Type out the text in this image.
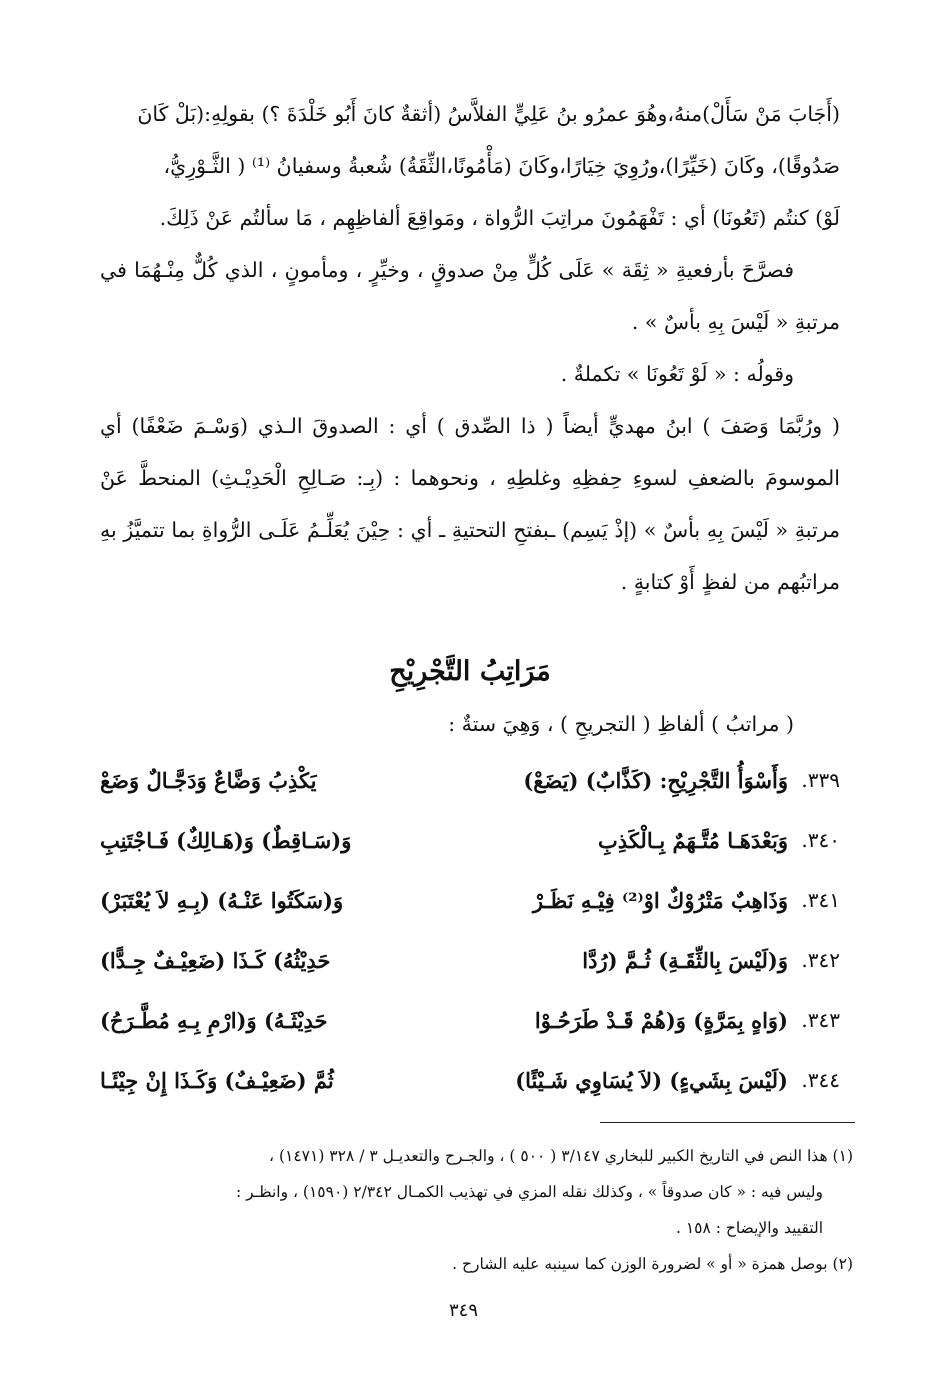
(أَجَابَ مَنْ سَأَلْ)منهُ،وهُوَ عمرُو بنُ عَلِيٍّ الفلاَّسُ (أثقةٌ كانَ أَبُو خَلْدَةَ ؟) بقولِهِ:(بَلْ كَانَ

صَدُوقًا)، وكَانَ (خَيِّرًا)،ورُوِيَ خِيَارًا،وكَانَ (مَأْمُونًا،الثِّقَةُ) شُعبةُ وسفيانُ ⁽¹⁾ ( الثَّـوْرِيُّ،

لَوْ) كنتُم (تَعُونَا) أي : تَفْهَمُونَ مراتِبَ الرُّواة ، ومَواقِعَ ألفاظِهِم ، مَا سألتُم عَنْ ذَلِكَ.

فصرَّحَ بأرفعيةِ « ثِقَة » عَلَى كُلٍّ مِنْ صدوقٍ ، وخيِّرٍ ، ومأمونٍ ، الذي كُلٌّ مِنْـهُمَا في مرتبةِ « لَيْسَ بِهِ بأسٌ » .

وقولُه : « لَوْ تَعُونَا » تكملةٌ .

( ورُبَّمَا وَصَفَ ) ابنُ مهديٍّ أيضاً ( ذا الصِّدق ) أي : الصدوقَ الـذي (وَسْـمَ ضَعْفًا) أي الموسومَ بالضعفِ لسوءِ حِفظِهِ وغلطِهِ ، ونحوهما : (بِـ: صَـالِحِ الْحَدِيْـثِ) المنحطَّ عَنْ مرتبةِ « لَيْسَ بِهِ بأسٌ » (إذْ يَسِم) ـبفتحِ التحتيةِ ـ أي : حِيْنَ يُعَلِّـمُ عَلَـى الرُّواةِ بما تتميَّزُ بهِ مراتبُهم من لفظٍ أَوْ كتابةٍ .

مَرَاتِبُ التَّجْرِيْحِ

( مراتبُ ) ألفاظِ ( التجريحِ ) ، وَهِيَ ستةٌ :

٣٣٩.
وَأَسْوَأُ التَّجْرِيْحِ: (كَذَّابٌ) (يَضَعْ)
يَكْذِبُ وَضَّاعٌ وَدَجَّـالٌ وَضَعْ
٣٤٠.
وَبَعْدَهَـا مُتَّـهَمٌ بِـالْكَذِبِ
وَ(سَـاقِطٌ) وَ(هَـالِكٌ) فَـاجْتَنِبِ
٣٤١.
وَذَاهِبٌ مَتْرُوْكٌ اوْ⁽²⁾ فِيْـهِ نَظَـرْ
وَ(سَكَتُوا عَنْـهُ) (بِـهِ لاَ يُعْتَبَرْ)
٣٤٢.
وَ(لَيْسَ بِالثِّقَـةِ) ثُـمَّ (رُدَّا
حَدِيْثُهُ) كَـذَا (ضَعِيْـفٌ جِـدًّا)
٣٤٣.
(وَاهٍ بِمَرَّةٍ) وَ(هُمْ قَـدْ طَرَحُـوْا
حَدِيْثَـهُ) وَ(ارْمِ بِـهِ مُطَّـرَحُ)
٣٤٤.
(لَيْسَ بِشَيءٍ) (لاَ يُسَاوِي شَـيْئًا)
ثُمَّ (ضَعِيْـفٌ) وَكَـذَا إِنْ جِيْئَـا

(١) هذا النص في التاريخ الكبير للبخاري ٣/١٤٧ ( ٥٠٠ ) ، والجـرح والتعديـل ٣ / ٣٢٨ (١٤٧١) ،

وليس فيه : « كان صدوقاً » ، وكذلك نقله المزي في تهذيب الكمـال ٢/٣٤٢ (١٥٩٠) ، وانظـر :

التقييد والإيضاح : ١٥٨ .

(٢) بوصل همزة « أو » لضرورة الوزن كما سينبه عليه الشارح .

٣٤٩
